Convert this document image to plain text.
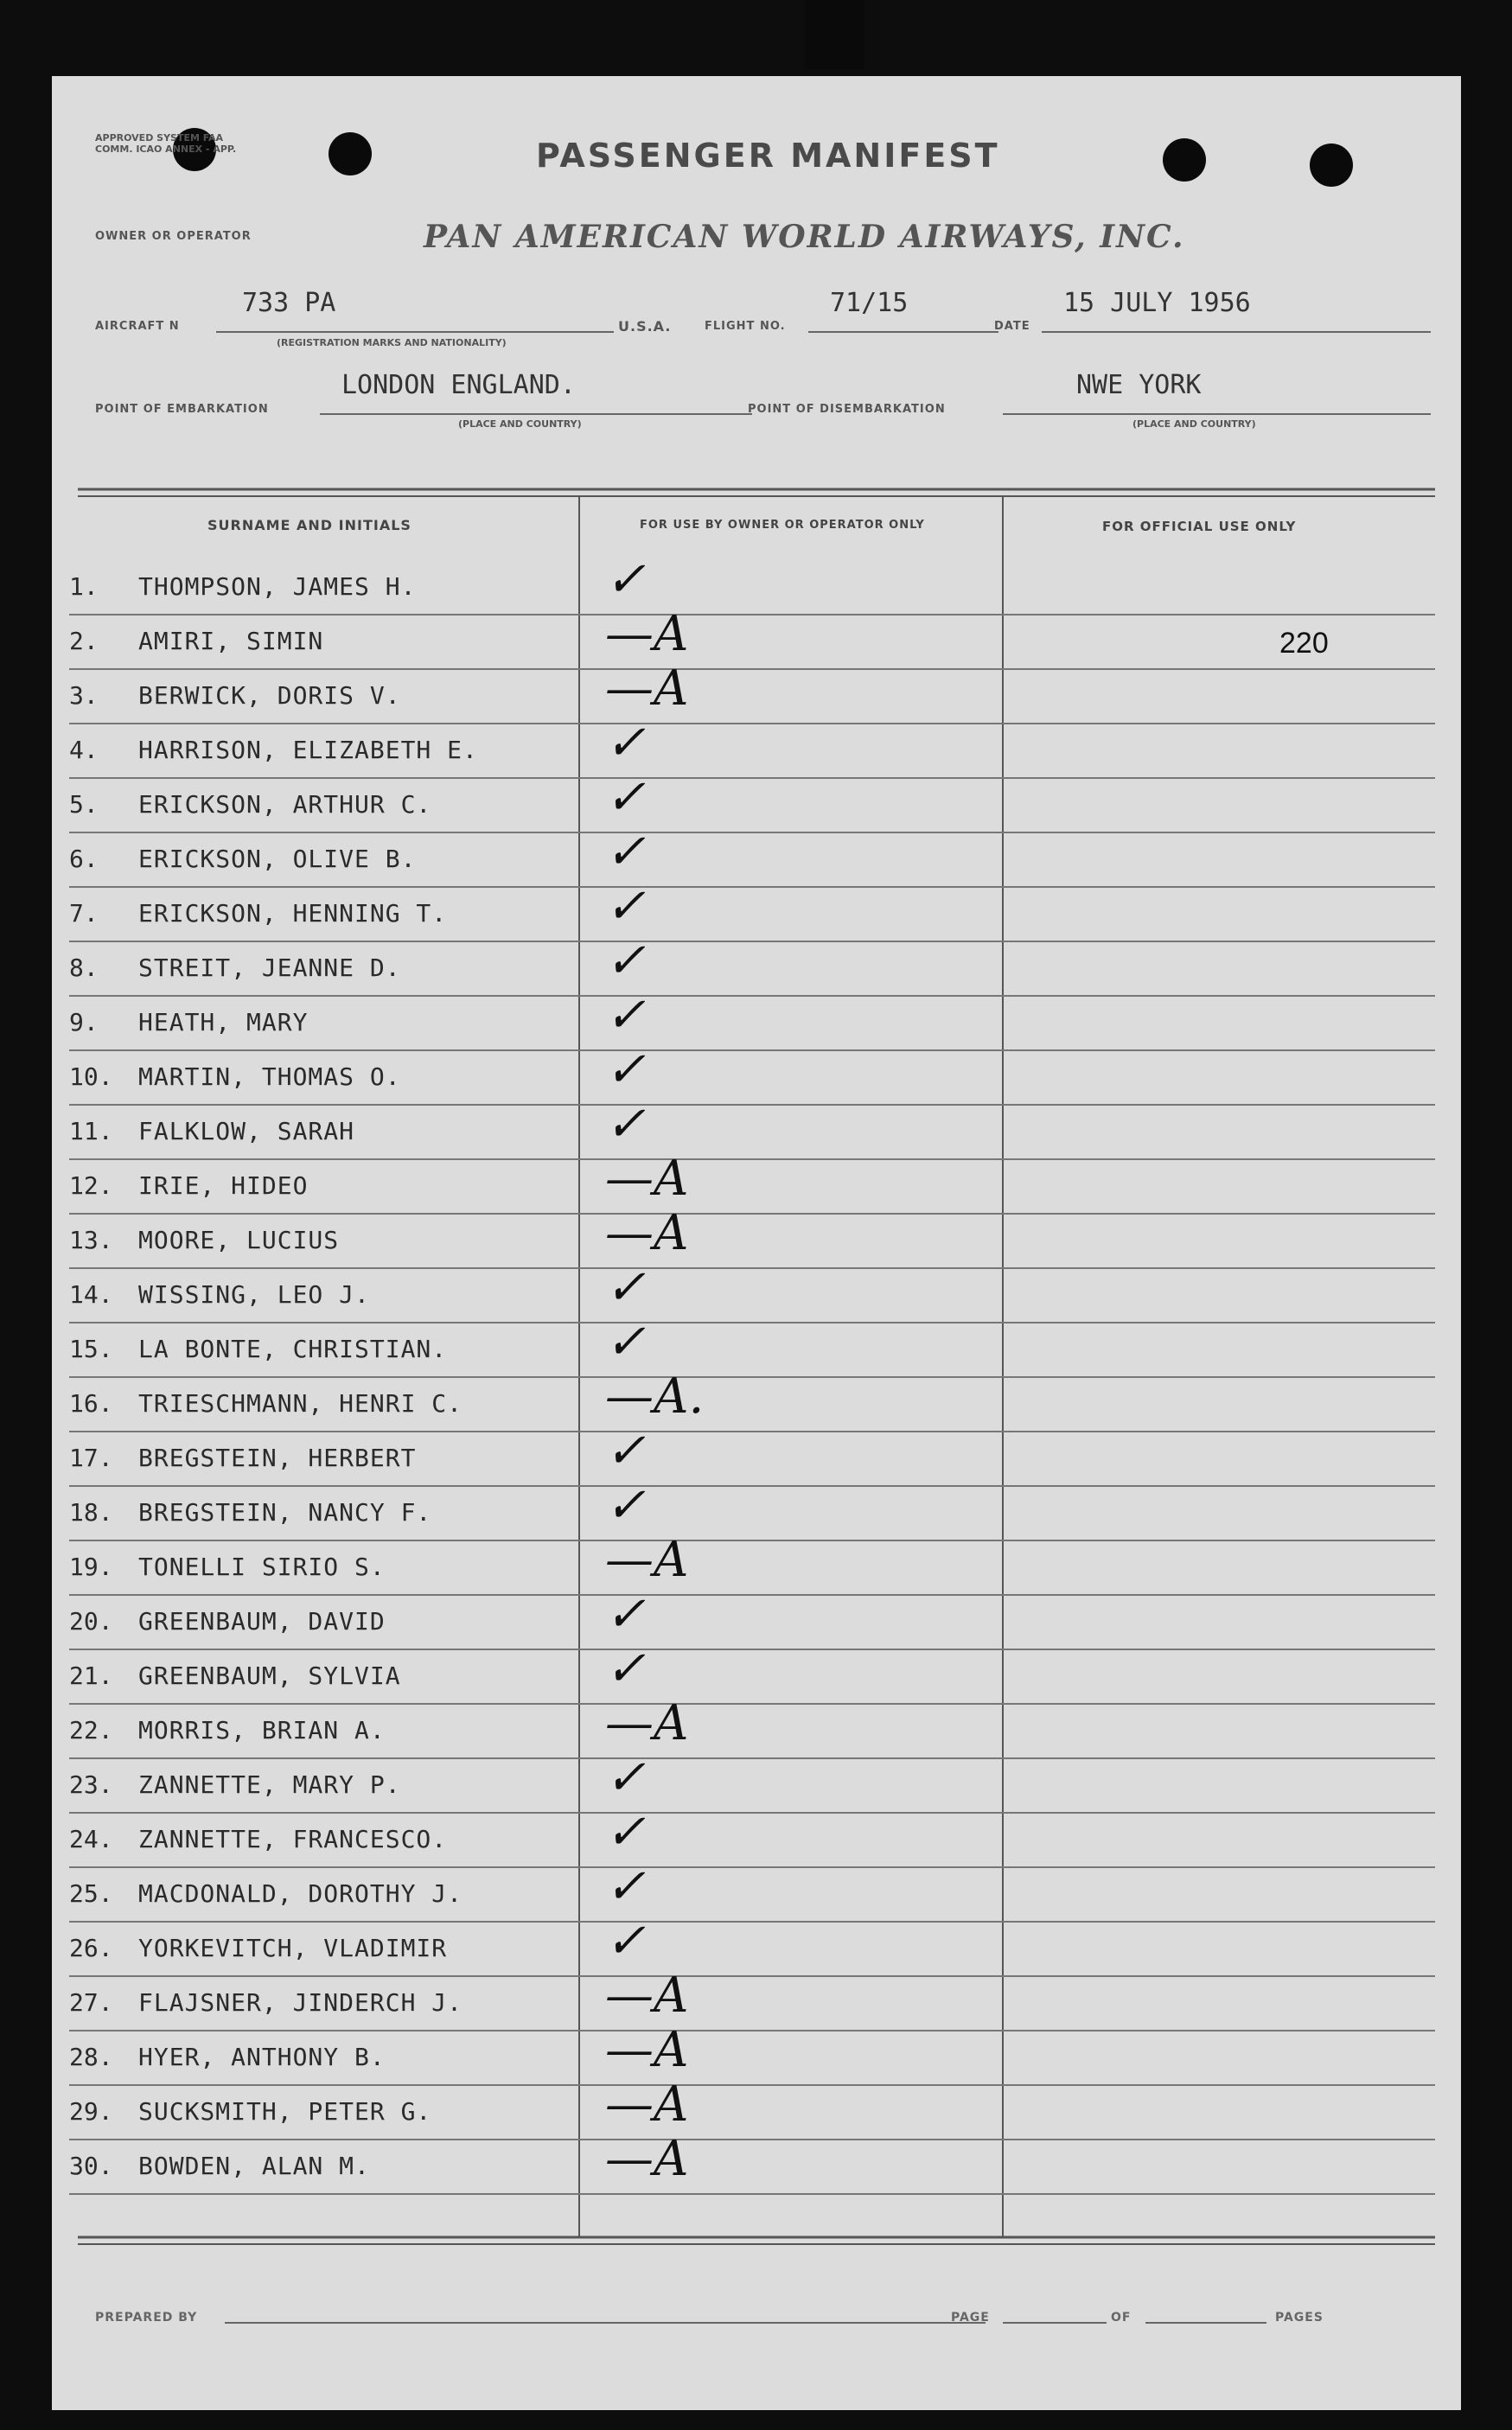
APPROVED SYSTEM FAA COMM. ICAO ANNEX - APP.	PASSENGER MANIFEST
OWNER OR OPERATOR	PAN AMERICAN WORLD AIRWAYS, INC.
AIRCRAFT N
733 PA
(REGISTRATION MARKS AND NATIONALITY)
U.S.A.	FLIGHT NO.
71/15
DATE
15 JULY 1956
POINT OF EMBARKATION
LONDON ENGLAND.
(PLACE AND COUNTRY)
POINT OF DISEMBARKATION
NWE YORK
(PLACE AND COUNTRY)
SURNAME AND INITIALS	FOR USE BY OWNER OR OPERATOR ONLY	FOR OFFICIAL USE ONLY
1. THOMPSON, JAMES H.	✓
2. AMIRI, SIMIN	—A	220
3. BERWICK, DORIS V.	—A
4. HARRISON, ELIZABETH E.	✓
5. ERICKSON, ARTHUR C.	✓
6. ERICKSON, OLIVE B.	✓
7. ERICKSON, HENNING T.	✓
8. STREIT, JEANNE D.	✓
9. HEATH, MARY	✓
10. MARTIN, THOMAS O.	✓
11. FALKLOW, SARAH	✓
12. IRIE, HIDEO	—A
13. MOORE, LUCIUS	—A
14. WISSING, LEO J.	✓
15. LA BONTE, CHRISTIAN.	✓
16. TRIESCHMANN, HENRI C.	—A.
17. BREGSTEIN, HERBERT	✓
18. BREGSTEIN, NANCY F.	✓
19. TONELLI SIRIO S.	—A
20. GREENBAUM, DAVID	✓
21. GREENBAUM, SYLVIA	✓
22. MORRIS, BRIAN A.	—A
23. ZANNETTE, MARY P.	✓
24. ZANNETTE, FRANCESCO.	✓
25. MACDONALD, DOROTHY J.	✓
26. YORKEVITCH, VLADIMIR	✓
27. FLAJSNER, JINDERCH J.	—A
28. HYER, ANTHONY B.	—A
29. SUCKSMITH, PETER G.	—A
30. BOWDEN, ALAN M.	—A
PREPARED BY	PAGE	OF	PAGES
